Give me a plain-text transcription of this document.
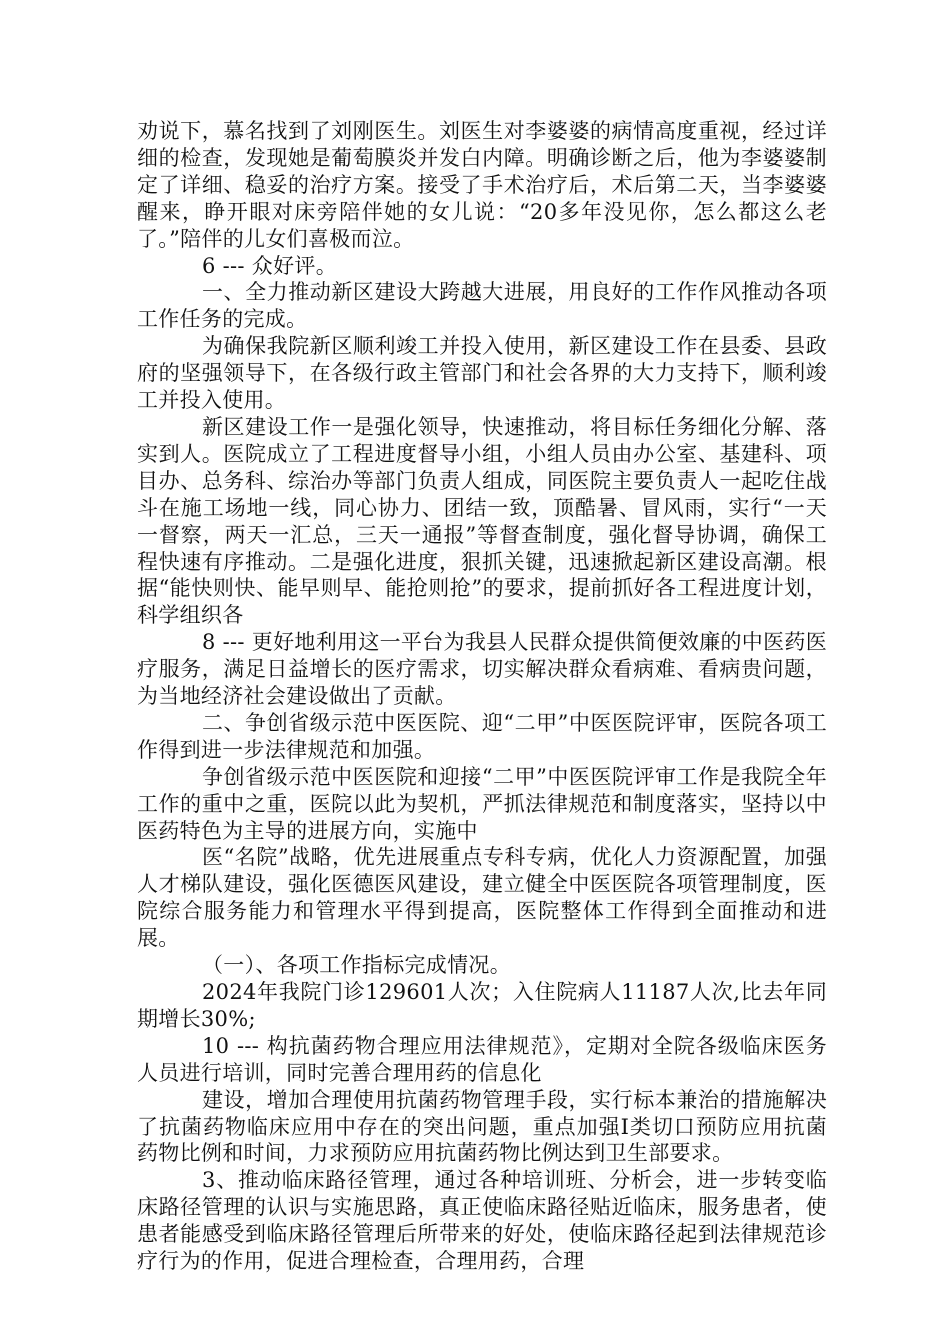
劝说下，慕名找到了刘刚医生。刘医生对李婆婆的病情高度重视，经过详细的检查，发现她是葡萄膜炎并发白内障。明确诊断之后，他为李婆婆制定了详细、稳妥的治疗方案。接受了手术治疗后，术后第二天，当李婆婆醒来，睁开眼对床旁陪伴她的女儿说：“20多年没见你，怎么都这么老了。”陪伴的儿女们喜极而泣。

6 --- 众好评。

一、全力推动新区建设大跨越大进展，用良好的工作作风推动各项工作任务的完成。

为确保我院新区顺利竣工并投入使用，新区建设工作在县委、县政府的坚强领导下，在各级行政主管部门和社会各界的大力支持下，顺利竣工并投入使用。

新区建设工作一是强化领导，快速推动，将目标任务细化分解、落实到人。医院成立了工程进度督导小组，小组人员由办公室、基建科、项目办、总务科、综治办等部门负责人组成，同医院主要负责人一起吃住战斗在施工场地一线，同心协力、团结一致，顶酷暑、冒风雨，实行“一天一督察，两天一汇总，三天一通报”等督查制度，强化督导协调，确保工程快速有序推动。二是强化进度，狠抓关键，迅速掀起新区建设高潮。根据“能快则快、能早则早、能抢则抢”的要求，提前抓好各工程进度计划，科学组织各

8 --- 更好地利用这一平台为我县人民群众提供简便效廉的中医药医疗服务，满足日益增长的医疗需求，切实解决群众看病难、看病贵问题，为当地经济社会建设做出了贡献。

二、争创省级示范中医医院、迎“二甲”中医医院评审，医院各项工作得到进一步法律规范和加强。

争创省级示范中医医院和迎接“二甲”中医医院评审工作是我院全年工作的重中之重，医院以此为契机，严抓法律规范和制度落实，坚持以中医药特色为主导的进展方向，实施中

医“名院”战略，优先进展重点专科专病，优化人力资源配置，加强人才梯队建设，强化医德医风建设，建立健全中医医院各项管理制度，医院综合服务能力和管理水平得到提高，医院整体工作得到全面推动和进展。

（一）、各项工作指标完成情况。

2024年我院门诊129601人次；入住院病人11187人次,比去年同期增长30%;

10 --- 构抗菌药物合理应用法律规范》，定期对全院各级临床医务人员进行培训，同时完善合理用药的信息化

建设，增加合理使用抗菌药物管理手段，实行标本兼治的措施解决了抗菌药物临床应用中存在的突出问题，重点加强Ⅰ类切口预防应用抗菌药物比例和时间，力求预防应用抗菌药物比例达到卫生部要求。

3、推动临床路径管理，通过各种培训班、分析会，进一步转变临床路径管理的认识与实施思路，真正使临床路径贴近临床，服务患者，使患者能感受到临床路径管理后所带来的好处，使临床路径起到法律规范诊疗行为的作用，促进合理检查，合理用药，合理
